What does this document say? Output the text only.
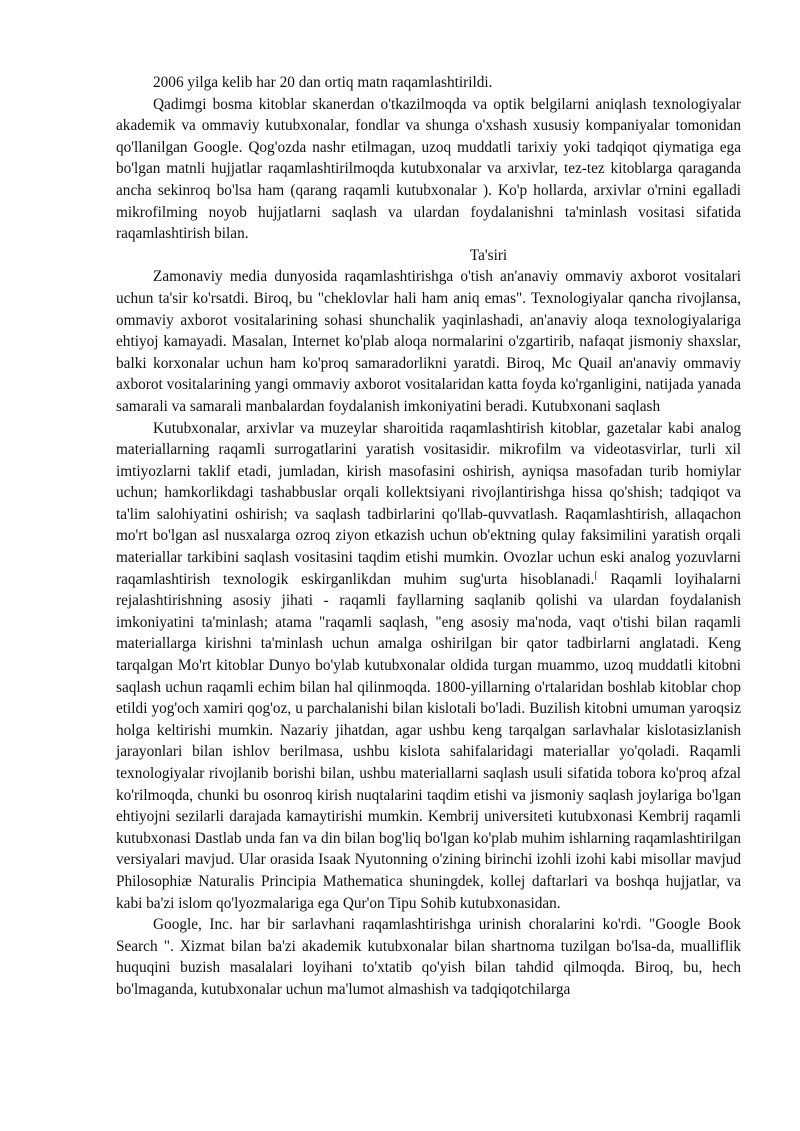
2006 yilga kelib har 20 dan ortiq matn raqamlashtirildi.

Qadimgi bosma kitoblar skanerdan o'tkazilmoqda va optik belgilarni aniqlash texnologiyalar akademik va ommaviy kutubxonalar, fondlar va shunga o'xshash xususiy kompaniyalar tomonidan qo'llanilgan Google. Qog'ozda nashr etilmagan, uzoq muddatli tarixiy yoki tadqiqot qiymatiga ega bo'lgan matnli hujjatlar raqamlashtirilmoqda kutubxonalar va arxivlar, tez-tez kitoblarga qaraganda ancha sekinroq bo'lsa ham (qarang raqamli kutubxonalar ). Ko'p hollarda, arxivlar o'rnini egalladi mikrofilming noyob hujjatlarni saqlash va ulardan foydalanishni ta'minlash vositasi sifatida raqamlashtirish bilan.

Ta'siri

Zamonaviy media dunyosida raqamlashtirishga o'tish an'anaviy ommaviy axborot vositalari uchun ta'sir ko'rsatdi. Biroq, bu "cheklovlar hali ham aniq emas". Texnologiyalar qancha rivojlansa, ommaviy axborot vositalarining sohasi shunchalik yaqinlashadi, an'anaviy aloqa texnologiyalariga ehtiyoj kamayadi. Masalan, Internet ko'plab aloqa normalarini o'zgartirib, nafaqat jismoniy shaxslar, balki korxonalar uchun ham ko'proq samaradorlikni yaratdi. Biroq, Mc Quail an'anaviy ommaviy axborot vositalarining yangi ommaviy axborot vositalaridan katta foyda ko'rganligini, natijada yanada samarali va samarali manbalardan foydalanish imkoniyatini beradi. Kutubxonani saqlash

Kutubxonalar, arxivlar va muzeylar sharoitida raqamlashtirish kitoblar, gazetalar kabi analog materiallarning raqamli surrogatlarini yaratish vositasidir. mikrofilm va videotasvirlar, turli xil imtiyozlarni taklif etadi, jumladan, kirish masofasini oshirish, ayniqsa masofadan turib homiylar uchun; hamkorlikdagi tashabbuslar orqali kollektsiyani rivojlantirishga hissa qo'shish; tadqiqot va ta'lim salohiyatini oshirish; va saqlash tadbirlarini qo'llab-quvvatlash. Raqamlashtirish, allaqachon mo'rt bo'lgan asl nusxalarga ozroq ziyon etkazish uchun ob'ektning qulay faksimilini yaratish orqali materiallar tarkibini saqlash vositasini taqdim etishi mumkin. Ovozlar uchun eski analog yozuvlarni raqamlashtirish texnologik eskirganlikdan muhim sug'urta hisoblanadi.[ Raqamli loyihalarni rejalashtirishning asosiy jihati - raqamli fayllarning saqlanib qolishi va ulardan foydalanish imkoniyatini ta'minlash; atama "raqamli saqlash, "eng asosiy ma'noda, vaqt o'tishi bilan raqamli materiallarga kirishni ta'minlash uchun amalga oshirilgan bir qator tadbirlarni anglatadi. Keng tarqalgan Mo'rt kitoblar Dunyo bo'ylab kutubxonalar oldida turgan muammo, uzoq muddatli kitobni saqlash uchun raqamli echim bilan hal qilinmoqda. 1800-yillarning o'rtalaridan boshlab kitoblar chop etildi yog'och xamiri qog'oz, u parchalanishi bilan kislotali bo'ladi. Buzilish kitobni umuman yaroqsiz holga keltirishi mumkin. Nazariy jihatdan, agar ushbu keng tarqalgan sarlavhalar kislotasizlanish jarayonlari bilan ishlov berilmasa, ushbu kislota sahifalaridagi materiallar yo'qoladi. Raqamli texnologiyalar rivojlanib borishi bilan, ushbu materiallarni saqlash usuli sifatida tobora ko'proq afzal ko'rilmoqda, chunki bu osonroq kirish nuqtalarini taqdim etishi va jismoniy saqlash joylariga bo'lgan ehtiyojni sezilarli darajada kamaytirishi mumkin. Kembrij universiteti kutubxonasi Kembrij raqamli kutubxonasi Dastlab unda fan va din bilan bog'liq bo'lgan ko'plab muhim ishlarning raqamlashtirilgan versiyalari mavjud. Ular orasida Isaak Nyutonning o'zining birinchi izohli izohi kabi misollar mavjud Philosophiæ Naturalis Principia Mathematica shuningdek, kollej daftarlari va boshqa hujjatlar, va kabi ba'zi islom qo'lyozmalariga ega Qur'on Tipu Sohib kutubxonasidan.

Google, Inc. har bir sarlavhani raqamlashtirishga urinish choralarini ko'rdi. "Google Book Search ". Xizmat bilan ba'zi akademik kutubxonalar bilan shartnoma tuzilgan bo'lsa-da, mualliflik huquqini buzish masalalari loyihani to'xtatib qo'yish bilan tahdid qilmoqda. Biroq, bu, hech bo'lmaganda, kutubxonalar uchun ma'lumot almashish va tadqiqotchilarga
